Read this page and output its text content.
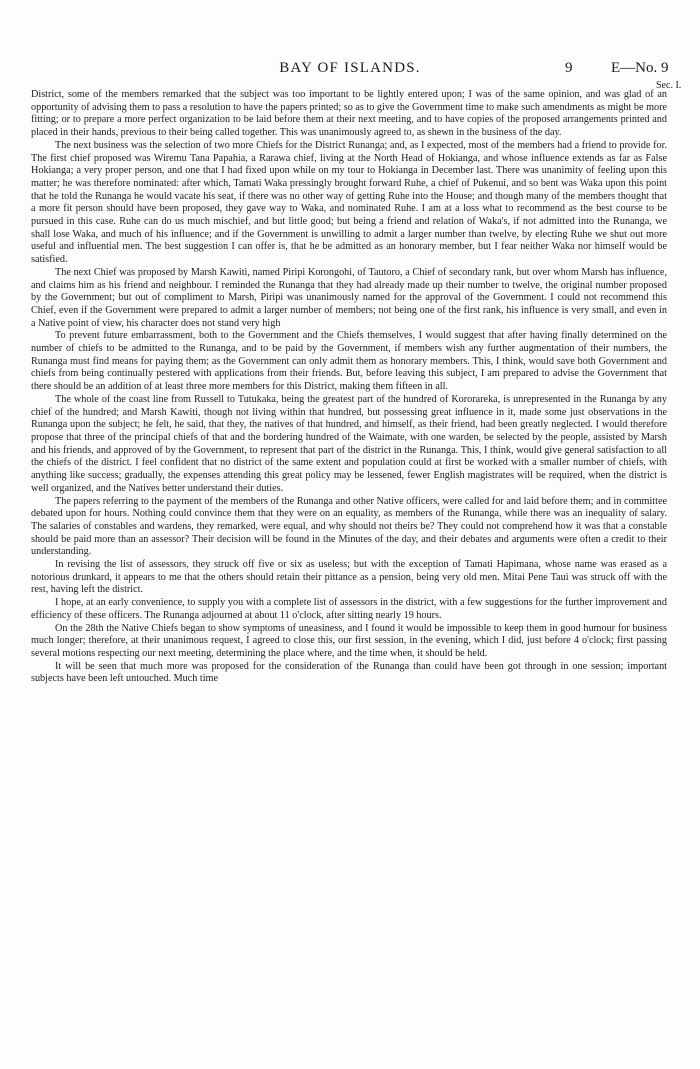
BAY OF ISLANDS.	9	E—No. 9
Sec. I.

District, some of the members remarked that the subject was too important to be lightly entered upon; I was of the same opinion, and was glad of an opportunity of advising them to pass a resolution to have the papers printed; so as to give the Government time to make such amendments as might be more fitting; or to prepare a more perfect organization to be laid before them at their next meeting, and to have copies of the proposed arrangements printed and placed in their hands, previous to their being called together. This was unanimously agreed to, as shewn in the business of the day.

The next business was the selection of two more Chiefs for the District Runanga; and, as I expected, most of the members had a friend to provide for. The first chief proposed was Wiremu Tana Papahia, a Rarawa chief, living at the North Head of Hokianga, and whose influence extends as far as False Hokianga; a very proper person, and one that I had fixed upon while on my tour to Hokianga in December last. There was unanimity of feeling upon this matter; he was therefore nominated: after which, Tamati Waka pressingly brought forward Ruhe, a chief of Pukenui, and so bent was Waka upon this point that he told the Runanga he would vacate his seat, if there was no other way of getting Ruhe into the House; and though many of the members thought that a more fit person should have been proposed, they gave way to Waka, and nominated Ruhe. I am at a loss what to recommend as the best course to be pursued in this case. Ruhe can do us much mischief, and but little good; but being a friend and relation of Waka's, if not admitted into the Runanga, we shall lose Waka, and much of his influence; and if the Government is unwilling to admit a larger number than twelve, by electing Ruhe we shut out more useful and influential men. The best suggestion I can offer is, that he be admitted as an honorary member, but I fear neither Waka nor himself would be satisfied.

The next Chief was proposed by Marsh Kawiti, named Piripi Korongohi, of Tautoro, a Chief of secondary rank, but over whom Marsh has influence, and claims him as his friend and neighbour. I reminded the Runanga that they had already made up their number to twelve, the original number proposed by the Government; but out of compliment to Marsh, Piripi was unanimously named for the approval of the Government. I could not recommend this Chief, even if the Government were prepared to admit a larger number of members; not being one of the first rank, his influence is very small, and even in a Native point of view, his character does not stand very high

To prevent future embarrassment, both to the Government and the Chiefs themselves, I would suggest that after having finally determined on the number of chiefs to be admitted to the Runanga, and to be paid by the Government, if members wish any further augmentation of their numbers, the Runanga must find means for paying them; as the Government can only admit them as honorary members. This, I think, would save both Government and chiefs from being continually pestered with applications from their friends. But, before leaving this subject, I am prepared to advise the Government that there should be an addition of at least three more members for this District, making them fifteen in all.

The whole of the coast line from Russell to Tutukaka, being the greatest part of the hundred of Kororareka, is unrepresented in the Runanga by any chief of the hundred; and Marsh Kawiti, though not living within that hundred, but possessing great influence in it, made some just observations in the Runanga upon the subject; he felt, he said, that they, the natives of that hundred, and himself, as their friend, had been greatly neglected. I would therefore propose that three of the principal chiefs of that and the bordering hundred of the Waimate, with one warden, be selected by the people, assisted by Marsh and his friends, and approved of by the Government, to represent that part of the district in the Runanga. This, I think, would give general satisfaction to all the chiefs of the district. I feel confident that no district of the same extent and population could at first be worked with a smaller number of chiefs, with anything like success; gradually, the expenses attending this great policy may be lessened, fewer English magistrates will be required, when the district is well organized, and the Natives better understand their duties.

The papers referring to the payment of the members of the Runanga and other Native officers, were called for and laid before them; and in committee debated upon for hours. Nothing could convince them that they were on an equality, as members of the Runanga, while there was an inequality of salary. The salaries of constables and wardens, they remarked, were equal, and why should not theirs be? They could not comprehend how it was that a constable should be paid more than an assessor? Their decision will be found in the Minutes of the day, and their debates and arguments were often a credit to their understanding.

In revising the list of assessors, they struck off five or six as useless; but with the exception of Tamati Hapimana, whose name was erased as a notorious drunkard, it appears to me that the others should retain their pittance as a pension, being very old men. Mitai Pene Taui was struck off with the rest, having left the district.

I hope, at an early convenience, to supply you with a complete list of assessors in the district, with a few suggestions for the further improvement and efficiency of these officers. The Runanga adjourned at about 11 o'clock, after sitting nearly 19 hours.

On the 28th the Native Chiefs began to show symptoms of uneasiness, and I found it would be impossible to keep them in good humour for business much longer; therefore, at their unanimous request, I agreed to close this, our first session, in the evening, which I did, just before 4 o'clock; first passing several motions respecting our next meeting, determining the place where, and the time when, it should be held.

It will be seen that much more was proposed for the consideration of the Runanga than could have been got through in one session; important subjects have been left untouched. Much time
